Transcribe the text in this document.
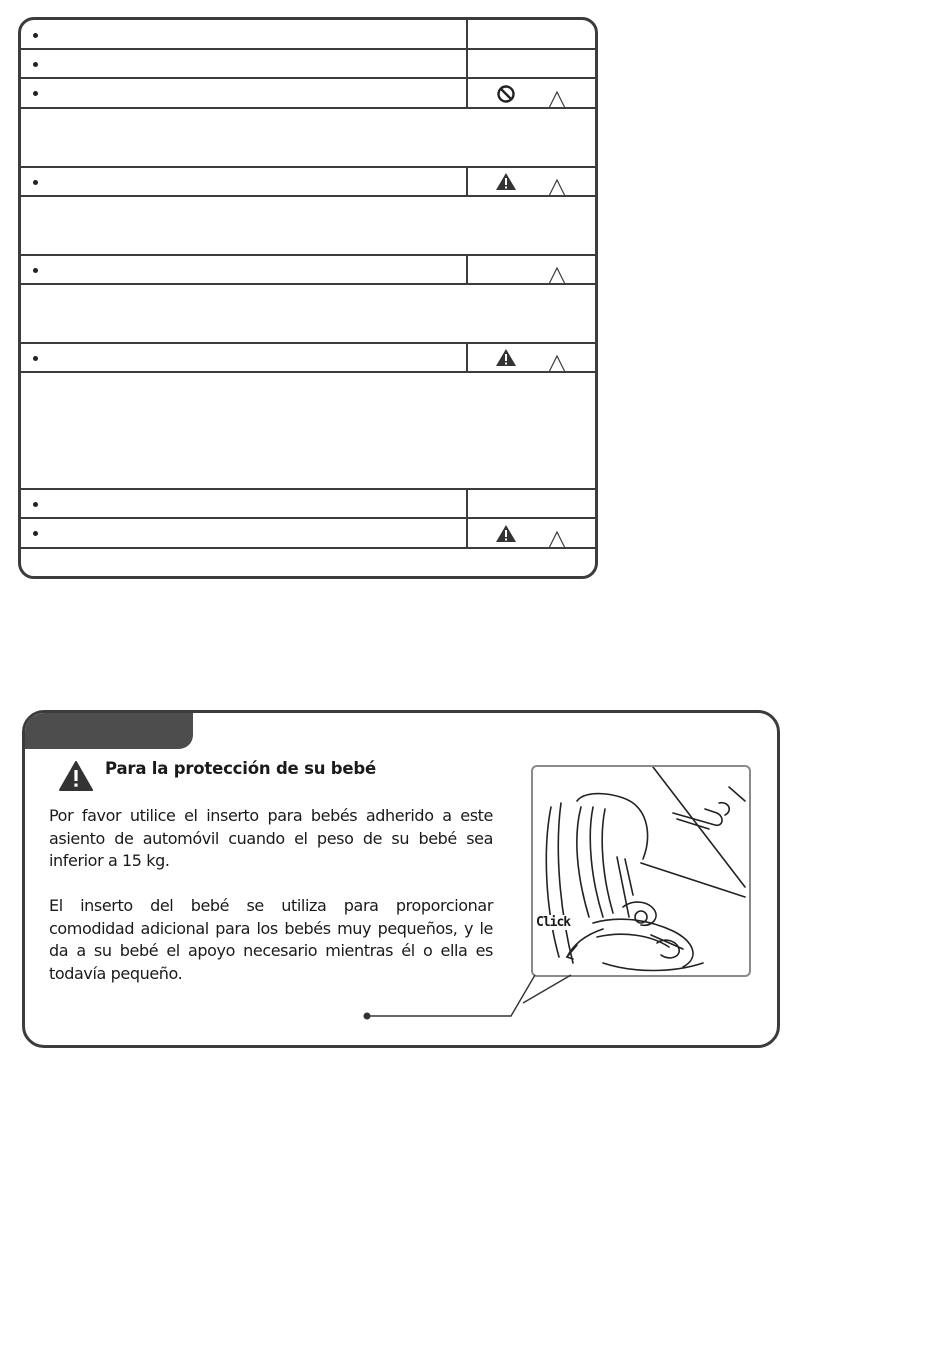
Para la protección de su bebé

Por favor utilice el inserto para bebés adherido a este asiento de automóvil cuando el peso de su bebé sea inferior a 15 kg.

El inserto del bebé se utiliza para proporcionar comodidad adicional para los bebés muy pequeños, y le da a su bebé el apoyo necesario mientras él o ella es todavía pequeño.

Click
